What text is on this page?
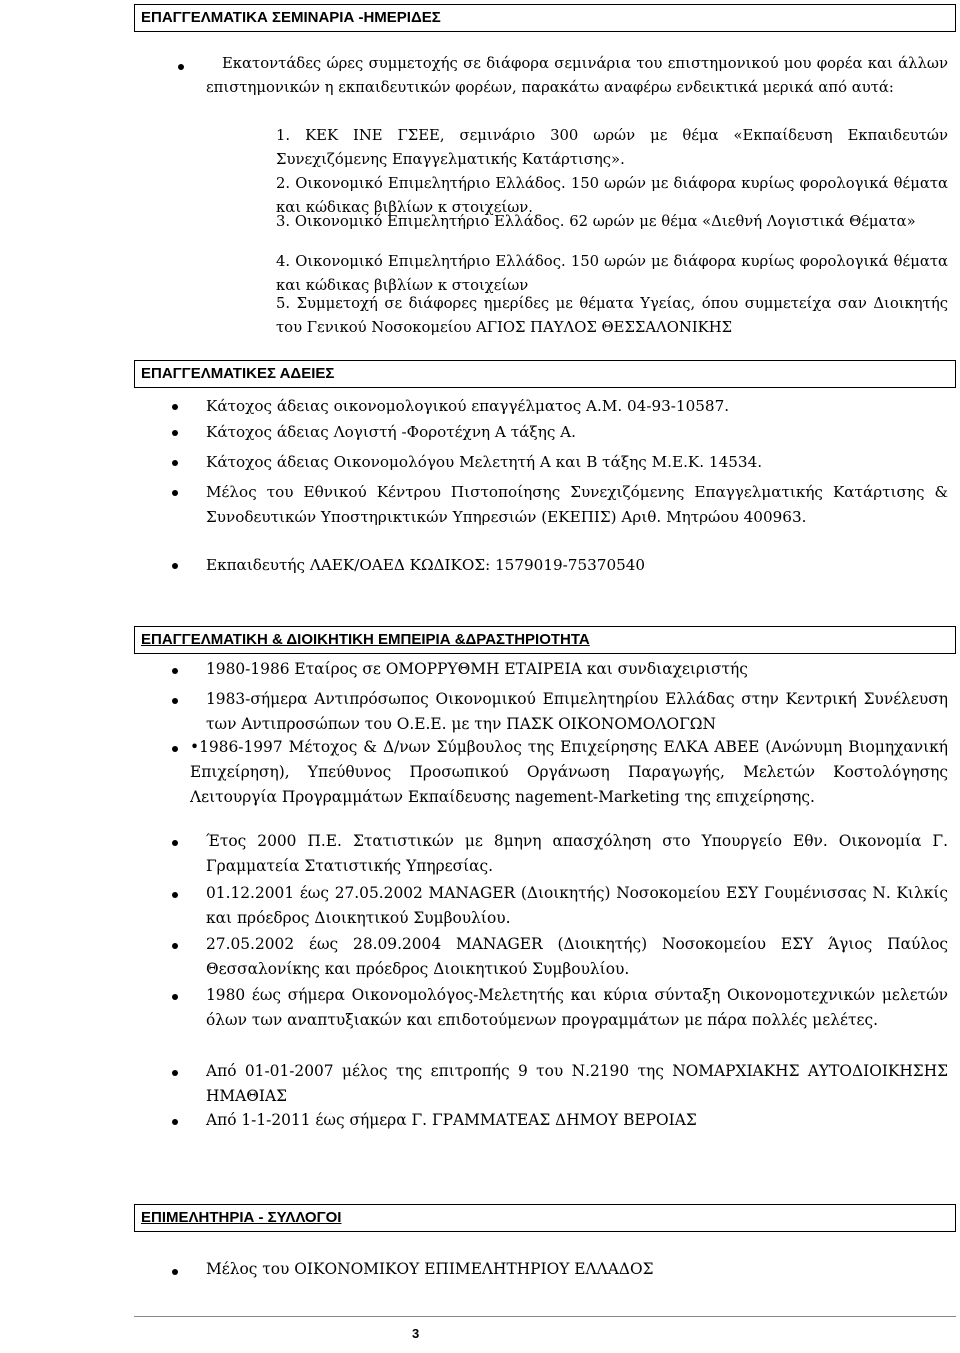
ΕΠΑΓΓΕΛΜΑΤΙΚΑ ΣΕΜΙΝΑΡΙΑ -ΗΜΕΡΙΔΕΣ
Εκατοντάδες ώρες συμμετοχής σε διάφορα σεμινάρια του επιστημονικού μου φορέα και άλλων επιστημονικών η εκπαιδευτικών φορέων, παρακάτω αναφέρω ενδεικτικά μερικά από αυτά:
1. ΚΕΚ ΙΝΕ ΓΣΕΕ, σεμινάριο 300 ωρών με θέμα «Εκπαίδευση Εκπαιδευτών Συνεχιζόμενης Επαγγελματικής Κατάρτισης».
2. Οικονομικό Επιμελητήριο Ελλάδος. 150 ωρών με διάφορα κυρίως φορολογικά θέματα και κώδικας βιβλίων κ στοιχείων.
3. Οικονομικό Επιμελητήριο Ελλάδος. 62 ωρών με θέμα «Διεθνή Λογιστικά Θέματα»
4. Οικονομικό Επιμελητήριο Ελλάδος. 150 ωρών με διάφορα κυρίως φορολογικά θέματα και κώδικας βιβλίων κ στοιχείων
5. Συμμετοχή σε διάφορες ημερίδες με θέματα Υγείας, όπου συμμετείχα σαν Διοικητής του Γενικού Νοσοκομείου ΑΓΙΟΣ ΠΑΥΛΟΣ ΘΕΣΣΑΛΟΝΙΚΗΣ
ΕΠΑΓΓΕΛΜΑΤΙΚΕΣ ΑΔΕΙΕΣ
Κάτοχος άδειας οικονομολογικού επαγγέλματος Α.Μ. 04-93-10587.
Κάτοχος άδειας Λογιστή -Φοροτέχνη Α τάξης Α.
Κάτοχος άδειας Οικονομολόγου Μελετητή Α και Β τάξης Μ.Ε.Κ. 14534.
Μέλος του Εθνικού Κέντρου Πιστοποίησης Συνεχιζόμενης Επαγγελματικής Κατάρτισης & Συνοδευτικών Υποστηρικτικών Υπηρεσιών (ΕΚΕΠΙΣ) Αριθ. Μητρώου 400963.
Εκπαιδευτής ΛΑΕΚ/ΟΑΕΔ ΚΩΔΙΚΟΣ: 1579019-75370540
ΕΠΑΓΓΕΛΜΑΤΙΚΗ & ΔΙΟΙΚΗΤΙΚΗ ΕΜΠΕΙΡΙΑ &ΔΡΑΣΤΗΡΙΟΤΗΤΑ
1980-1986 Εταίρος σε ΟΜΟΡΡΥΘΜΗ ΕΤΑΙΡΕΙΑ και συνδιαχειριστής
1983-σήμερα Αντιπρόσωπος Οικονομικού Επιμελητηρίου Ελλάδας στην Κεντρική Συνέλευση των Αντιπροσώπων του Ο.Ε.Ε. με την ΠΑΣΚ ΟΙΚΟΝΟΜΟΛΟΓΩΝ
•1986-1997 Μέτοχος & Δ/νων Σύμβουλος της Επιχείρησης ΕΛΚΑ ΑΒΕΕ (Ανώνυμη Βιομηχανική Επιχείρηση), Υπεύθυνος Προσωπικού Οργάνωση Παραγωγής, Μελετών Κοστολόγησης Λειτουργία Προγραμμάτων Εκπαίδευσης nagement-Marketing της επιχείρησης.
Έτος 2000 Π.Ε. Στατιστικών με 8μηνη απασχόληση στο Υπουργείο Εθν. Οικονομία Γ. Γραμματεία Στατιστικής Υπηρεσίας.
01.12.2001 έως 27.05.2002 MANAGER (Διοικητής) Νοσοκομείου ΕΣΥ Γουμένισσας Ν. Κιλκίς και πρόεδρος Διοικητικού Συμβουλίου.
27.05.2002 έως 28.09.2004 MANAGER (Διοικητής) Νοσοκομείου ΕΣΥ Άγιος Παύλος Θεσσαλονίκης και πρόεδρος Διοικητικού Συμβουλίου.
1980 έως σήμερα Οικονομολόγος-Μελετητής και κύρια σύνταξη Οικονομοτεχνικών μελετών όλων των αναπτυξιακών και επιδοτούμενων προγραμμάτων με πάρα πολλές μελέτες.
Από 01-01-2007 μέλος της επιτροπής 9 του Ν.2190 της ΝΟΜΑΡΧΙΑΚΗΣ ΑΥΤΟΔΙΟΙΚΗΣΗΣ ΗΜΑΘΙΑΣ
Από 1-1-2011 έως σήμερα Γ. ΓΡΑΜΜΑΤΕΑΣ ΔΗΜΟΥ ΒΕΡΟΙΑΣ
ΕΠΙΜΕΛΗΤΗΡΙΑ - ΣΥΛΛΟΓΟΙ
Μέλος του ΟΙΚΟΝΟΜΙΚΟΥ ΕΠΙΜΕΛΗΤΗΡΙΟΥ ΕΛΛΑΔΟΣ
3
